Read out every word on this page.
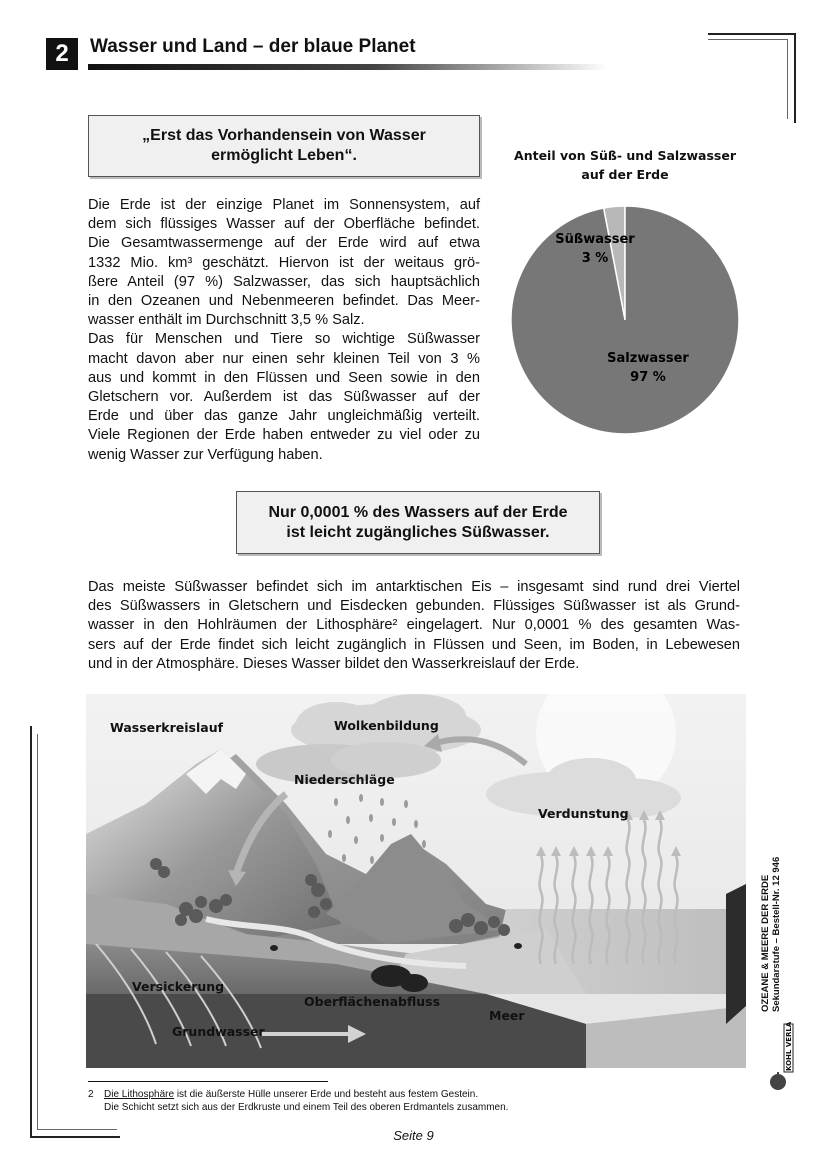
2	Wasser und Land – der blaue Planet
„Erst das Vorhandensein von Wasser
ermöglicht Leben“.
Die Erde ist der einzige Planet im Sonnensystem, auf
dem sich flüssiges Wasser auf der Oberfläche befindet.
Die Gesamtwassermenge auf der Erde wird auf etwa
1332 Mio. km³ geschätzt. Hiervon ist der weitaus grö-
ßere Anteil (97 %) Salzwasser, das sich hauptsächlich
in den Ozeanen und Nebenmeeren befindet. Das Meer-
wasser enthält im Durchschnitt 3,5 % Salz.
Das für Menschen und Tiere so wichtige Süßwasser
macht davon aber nur einen sehr kleinen Teil von 3 %
aus und kommt in den Flüssen und Seen sowie in den
Gletschern vor. Außerdem ist das Süßwasser auf der
Erde und über das ganze Jahr ungleichmäßig verteilt.
Viele Regionen der Erde haben entweder zu viel oder zu
wenig Wasser zur Verfügung haben.
Anteil von Süß- und Salzwasser
auf der Erde
Süßwasser
3 %
Salzwasser
97 %
Nur 0,0001 % des Wassers auf der Erde
ist leicht zugängliches Süßwasser.
Das meiste Süßwasser befindet sich im antarktischen Eis – insgesamt sind rund drei Viertel
des Süßwassers in Gletschern und Eisdecken gebunden. Flüssiges Süßwasser ist als Grund-
wasser in den Hohlräumen der Lithosphäre² eingelagert. Nur 0,0001 % des gesamten Was-
sers auf der Erde findet sich leicht zugänglich in Flüssen und Seen, im Boden, in Lebewesen
und in der Atmosphäre. Dieses Wasser bildet den Wasserkreislauf der Erde.
Wasserkreislauf	Wolkenbildung
Niederschläge
Verdunstung
Versickerung
Oberflächenabfluss
Meer
Grundwasser
OZEANE & MEERE DER ERDE Sekundarstufe – Bestell-Nr. 12 946
KOHL VERLAG
2 Die Lithosphäre ist die äußerste Hülle unserer Erde und besteht aus festem Gestein.
Die Schicht setzt sich aus der Erdkruste und einem Teil des oberen Erdmantels zusammen.
Seite 9
